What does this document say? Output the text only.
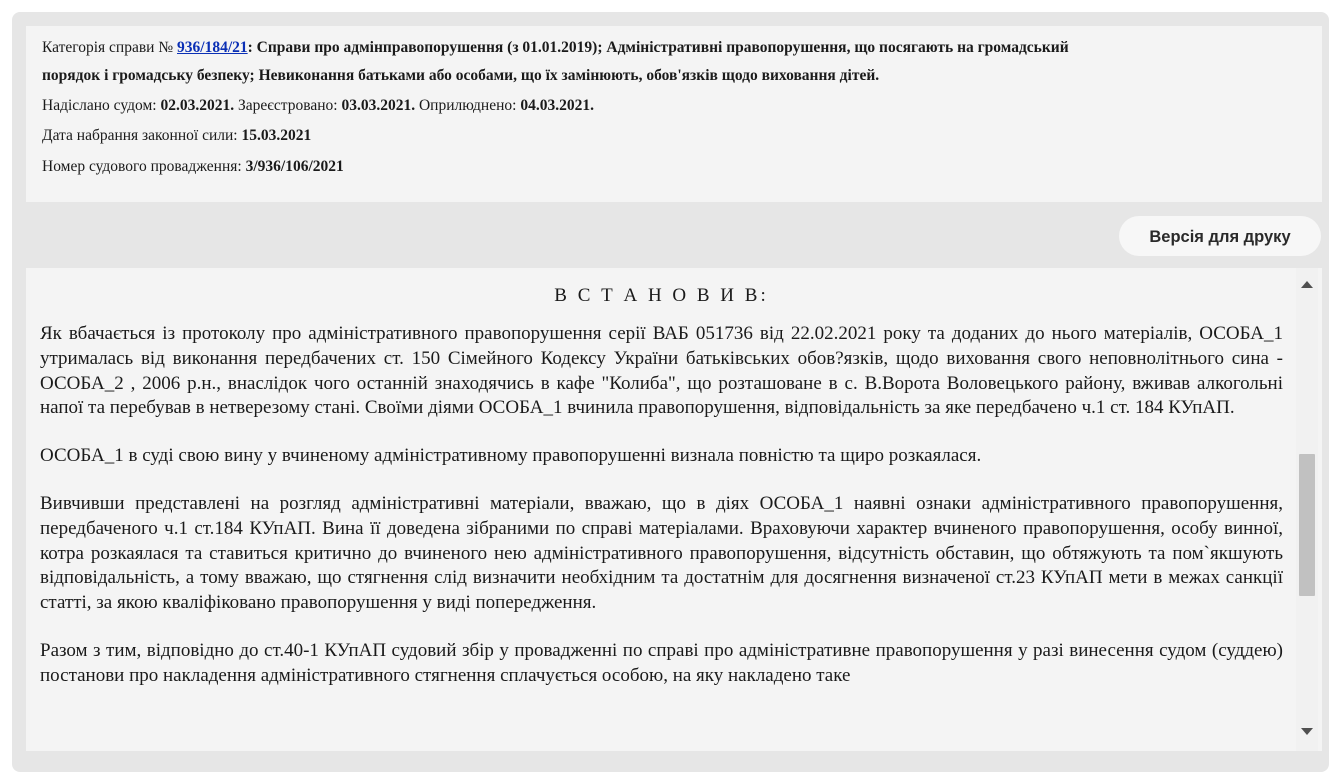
Категорія справи № 936/184/21: Справи про адмінправопорушення (з 01.01.2019); Адміністративні правопорушення, що посягають на громадський
порядок і громадську безпеку; Невиконання батьками або особами, що їх замінюють, обов'язків щодо виховання дітей.
Надіслано судом: 02.03.2021. Зареєстровано: 03.03.2021. Оприлюднено: 04.03.2021.
Дата набрання законної сили: 15.03.2021
Номер судового провадження: 3/936/106/2021
Версія для друку

В С Т А Н О В И В:

Як вбачається із протоколу про адміністративного правопорушення серії ВАБ 051736 від 22.02.2021 року та доданих до нього матеріалів, ОСОБА_1 утрималась від виконання передбачених ст. 150 Сімейного Кодексу України батьківських обов?язків, щодо виховання свого неповнолітнього сина - ОСОБА_2 , 2006 р.н., внаслідок чого останній знаходячись в кафе "Колиба", що розташоване в с. В.Ворота Воловецького району, вживав алкогольні напої та перебував в нетверезому стані. Своїми діями ОСОБА_1 вчинила правопорушення, відповідальність за яке передбачено ч.1 ст. 184 КУпАП.

ОСОБА_1 в суді свою вину у вчиненому адміністративному правопорушенні визнала повністю та щиро розкаялася.

Вивчивши представлені на розгляд адміністративні матеріали, вважаю, що в діях ОСОБА_1 наявні ознаки адміністративного правопорушення, передбаченого ч.1 ст.184 КУпАП. Вина її доведена зібраними по справі матеріалами. Враховуючи характер вчиненого правопорушення, особу винної, котра розкаялася та ставиться критично до вчиненого нею адміністративного правопорушення, відсутність обставин, що обтяжують та пом`якшують відповідальність, а тому вважаю, що стягнення слід визначити необхідним та достатнім для досягнення визначеної ст.23 КУпАП мети в межах санкції статті, за якою кваліфіковано правопорушення у виді попередження.

Разом з тим, відповідно до ст.40-1 КУпАП судовий збір у провадженні по справі про адміністративне правопорушення у разі винесення судом (суддею) постанови про накладення адміністративного стягнення сплачується особою, на яку накладено таке
